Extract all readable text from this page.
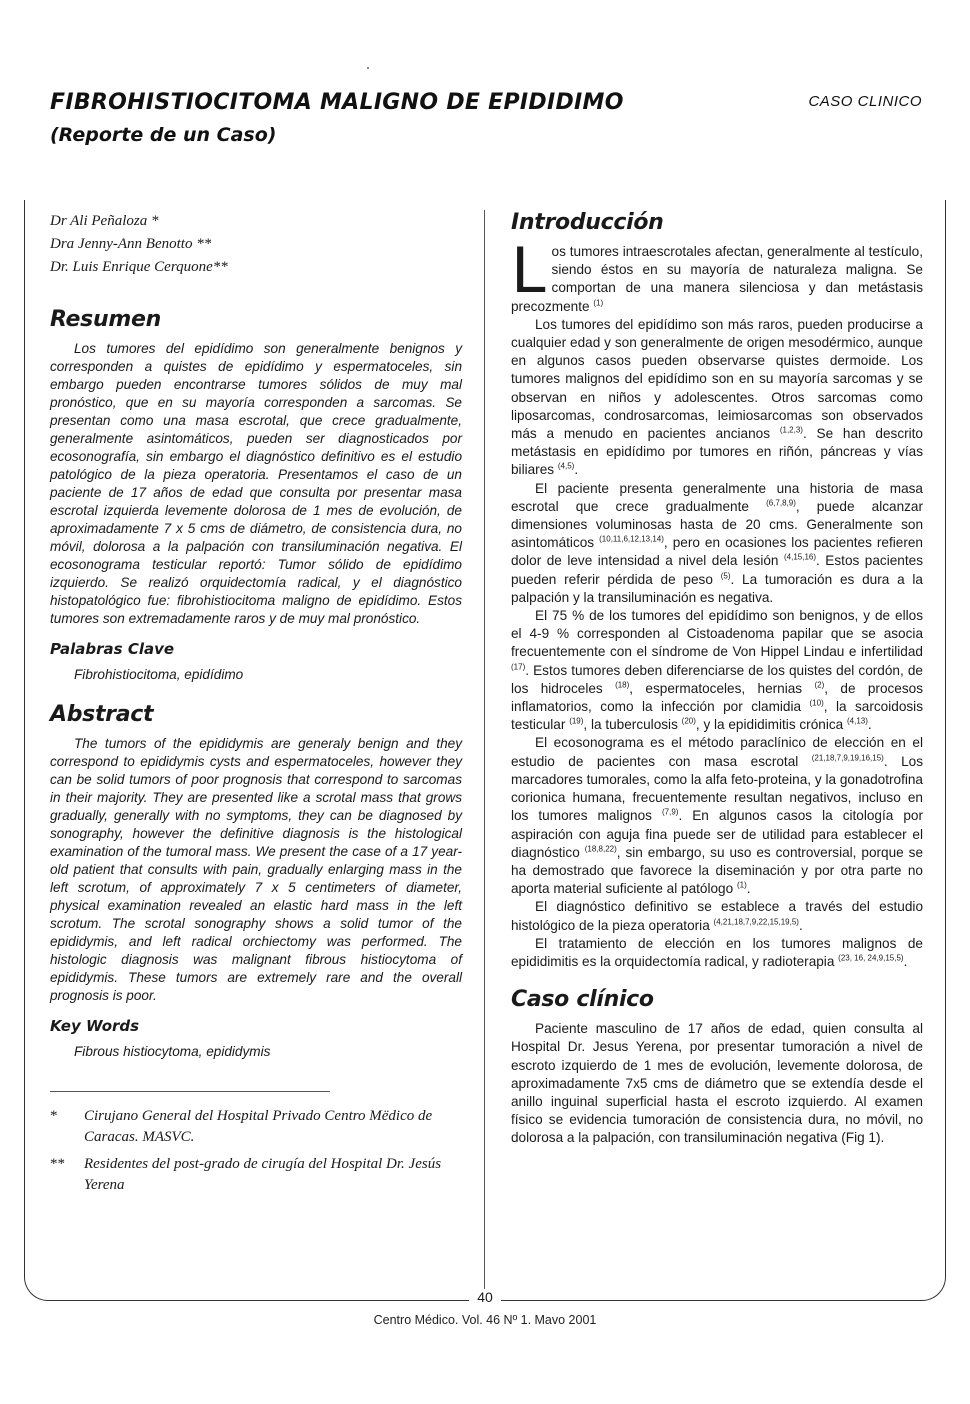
FIBROHISTIOCITOMA MALIGNO DE EPIDIDIMO
(Reporte de un Caso)
CASO CLINICO
Dr Ali Peñaloza *
Dra Jenny-Ann Benotto **
Dr. Luis Enrique Cerquone**
Resumen

Los tumores del epidídimo son generalmente benignos y corresponden a quistes de epidídimo y espermatoceles, sin embargo pueden encontrarse tumores sólidos de muy mal pronóstico, que en su mayoría corresponden a sarcomas. Se presentan como una masa escrotal, que crece gradualmente, generalmente asintomáticos, pueden ser diagnosticados por ecosonografía, sin embargo el diagnóstico definitivo es el estudio patológico de la pieza operatoria. Presentamos el caso de un paciente de 17 años de edad que consulta por presentar masa escrotal izquierda levemente dolorosa de 1 mes de evolución, de aproximadamente 7 x 5 cms de diámetro, de consistencia dura, no móvil, dolorosa a la palpación con transiluminación negativa. El ecosonograma testicular reportó: Tumor sólido de epidídimo izquierdo. Se realizó orquidectomía radical, y el diagnóstico histopatológico fue: fibrohistiocitoma maligno de epidídimo. Estos tumores son extremadamente raros y de muy mal pronóstico.

Palabras Clave

Fibrohistiocitoma, epidídimo

Abstract

The tumors of the epididymis are generaly benign and they correspond to epididymis cysts and espermatoceles, however they can be solid tumors of poor prognosis that correspond to sarcomas in their majority. They are presented like a scrotal mass that grows gradually, generally with no symptoms, they can be diagnosed by sonography, however the definitive diagnosis is the histological examination of the tumoral mass. We present the case of a 17 year-old patient that consults with pain, gradually enlarging mass in the left scrotum, of approximately 7 x 5 centimeters of diameter, physical examination revealed an elastic hard mass in the left scrotum. The scrotal sonography shows a solid tumor of the epididymis, and left radical orchiectomy was performed. The histologic diagnosis was malignant fibrous histiocytoma of epididymis. These tumors are extremely rare and the overall prognosis is poor.

Key Words

Fibrous histiocytoma, epididymis

*	Cirujano General del Hospital Privado Centro Mëdico de Caracas. MASVC.
**	Residentes del post-grado de cirugía del Hospital Dr. Jesús Yerena
Introducción

Los tumores intraescrotales afectan, generalmente al testículo, siendo éstos en su mayoría de naturaleza maligna. Se comportan de una manera silenciosa y dan metástasis precozmente $^{(1)}$

Los tumores del epidídimo son más raros, pueden producirse a cualquier edad y son generalmente de origen mesodérmico, aunque en algunos casos pueden observarse quistes dermoide. Los tumores malignos del epidídimo son en su mayoría sarcomas y se observan en niños y adolescentes. Otros sarcomas como liposarcomas, condrosarcomas, leimiosarcomas son observados más a menudo en pacientes ancianos $^{(1,2,3)}$. Se han descrito metástasis en epidídimo por tumores en riñón, páncreas y vías biliares $^{(4,5)}$.

El paciente presenta generalmente una historia de masa escrotal que crece gradualmente $^{(6,7,8,9)}$, puede alcanzar dimensiones voluminosas hasta de 20 cms. Generalmente son asintomáticos $^{(10,11,6,12,13,14)}$, pero en ocasiones los pacientes refieren dolor de leve intensidad a nivel dela lesión $^{(4,15,16)}$. Estos pacientes pueden referir pérdida de peso $^{(5)}$. La tumoración es dura a la palpación y la transiluminación es negativa.

El 75 % de los tumores del epidídimo son benignos, y de ellos el 4-9 % corresponden al Cistoadenoma papilar que se asocia frecuentemente con el síndrome de Von Hippel Lindau e infertilidad $^{(17)}$. Estos tumores deben diferenciarse de los quistes del cordón, de los hidroceles $^{(18)}$, espermatoceles, hernias $^{(2)}$, de procesos inflamatorios, como la infección por clamidia $^{(10)}$, la sarcoidosis testicular $^{(19)}$, la tuberculosis $^{(20)}$, y la epididimitis crónica $^{(4,13)}$.

El ecosonograma es el método paraclínico de elección en el estudio de pacientes con masa escrotal $^{(21,18,7,9,19,16,15)}$. Los marcadores tumorales, como la alfa feto-proteina, y la gonadotrofina corionica humana, frecuentemente resultan negativos, incluso en los tumores malignos $^{(7,9)}$. En algunos casos la citología por aspiración con aguja fina puede ser de utilidad para establecer el diagnóstico $^{(18,8,22)}$, sin embargo, su uso es controversial, porque se ha demostrado que favorece la diseminación y por otra parte no aporta material suficiente al patólogo $^{(1)}$.

El diagnóstico definitivo se establece a través del estudio histológico de la pieza operatoria $^{(4,21,18,7,9,22,15,19,5)}$.

El tratamiento de elección en los tumores malignos de epididimitis es la orquidectomía radical, y radioterapia $^{(23, 16, 24,9,15,5)}$.

Caso clínico

Paciente masculino de 17 años de edad, quien consulta al Hospital Dr. Jesus Yerena, por presentar tumoración a nivel de escroto izquierdo de 1 mes de evolución, levemente dolorosa, de aproximadamente 7x5 cms de diámetro que se extendía desde el anillo inguinal superficial hasta el escroto izquierdo. Al examen físico se evidencia tumoración de consistencia dura, no móvil, no dolorosa a la palpación, con transiluminación negativa (Fig 1).

40
Centro Médico. Vol. 46 Nº 1. Mavo 2001
